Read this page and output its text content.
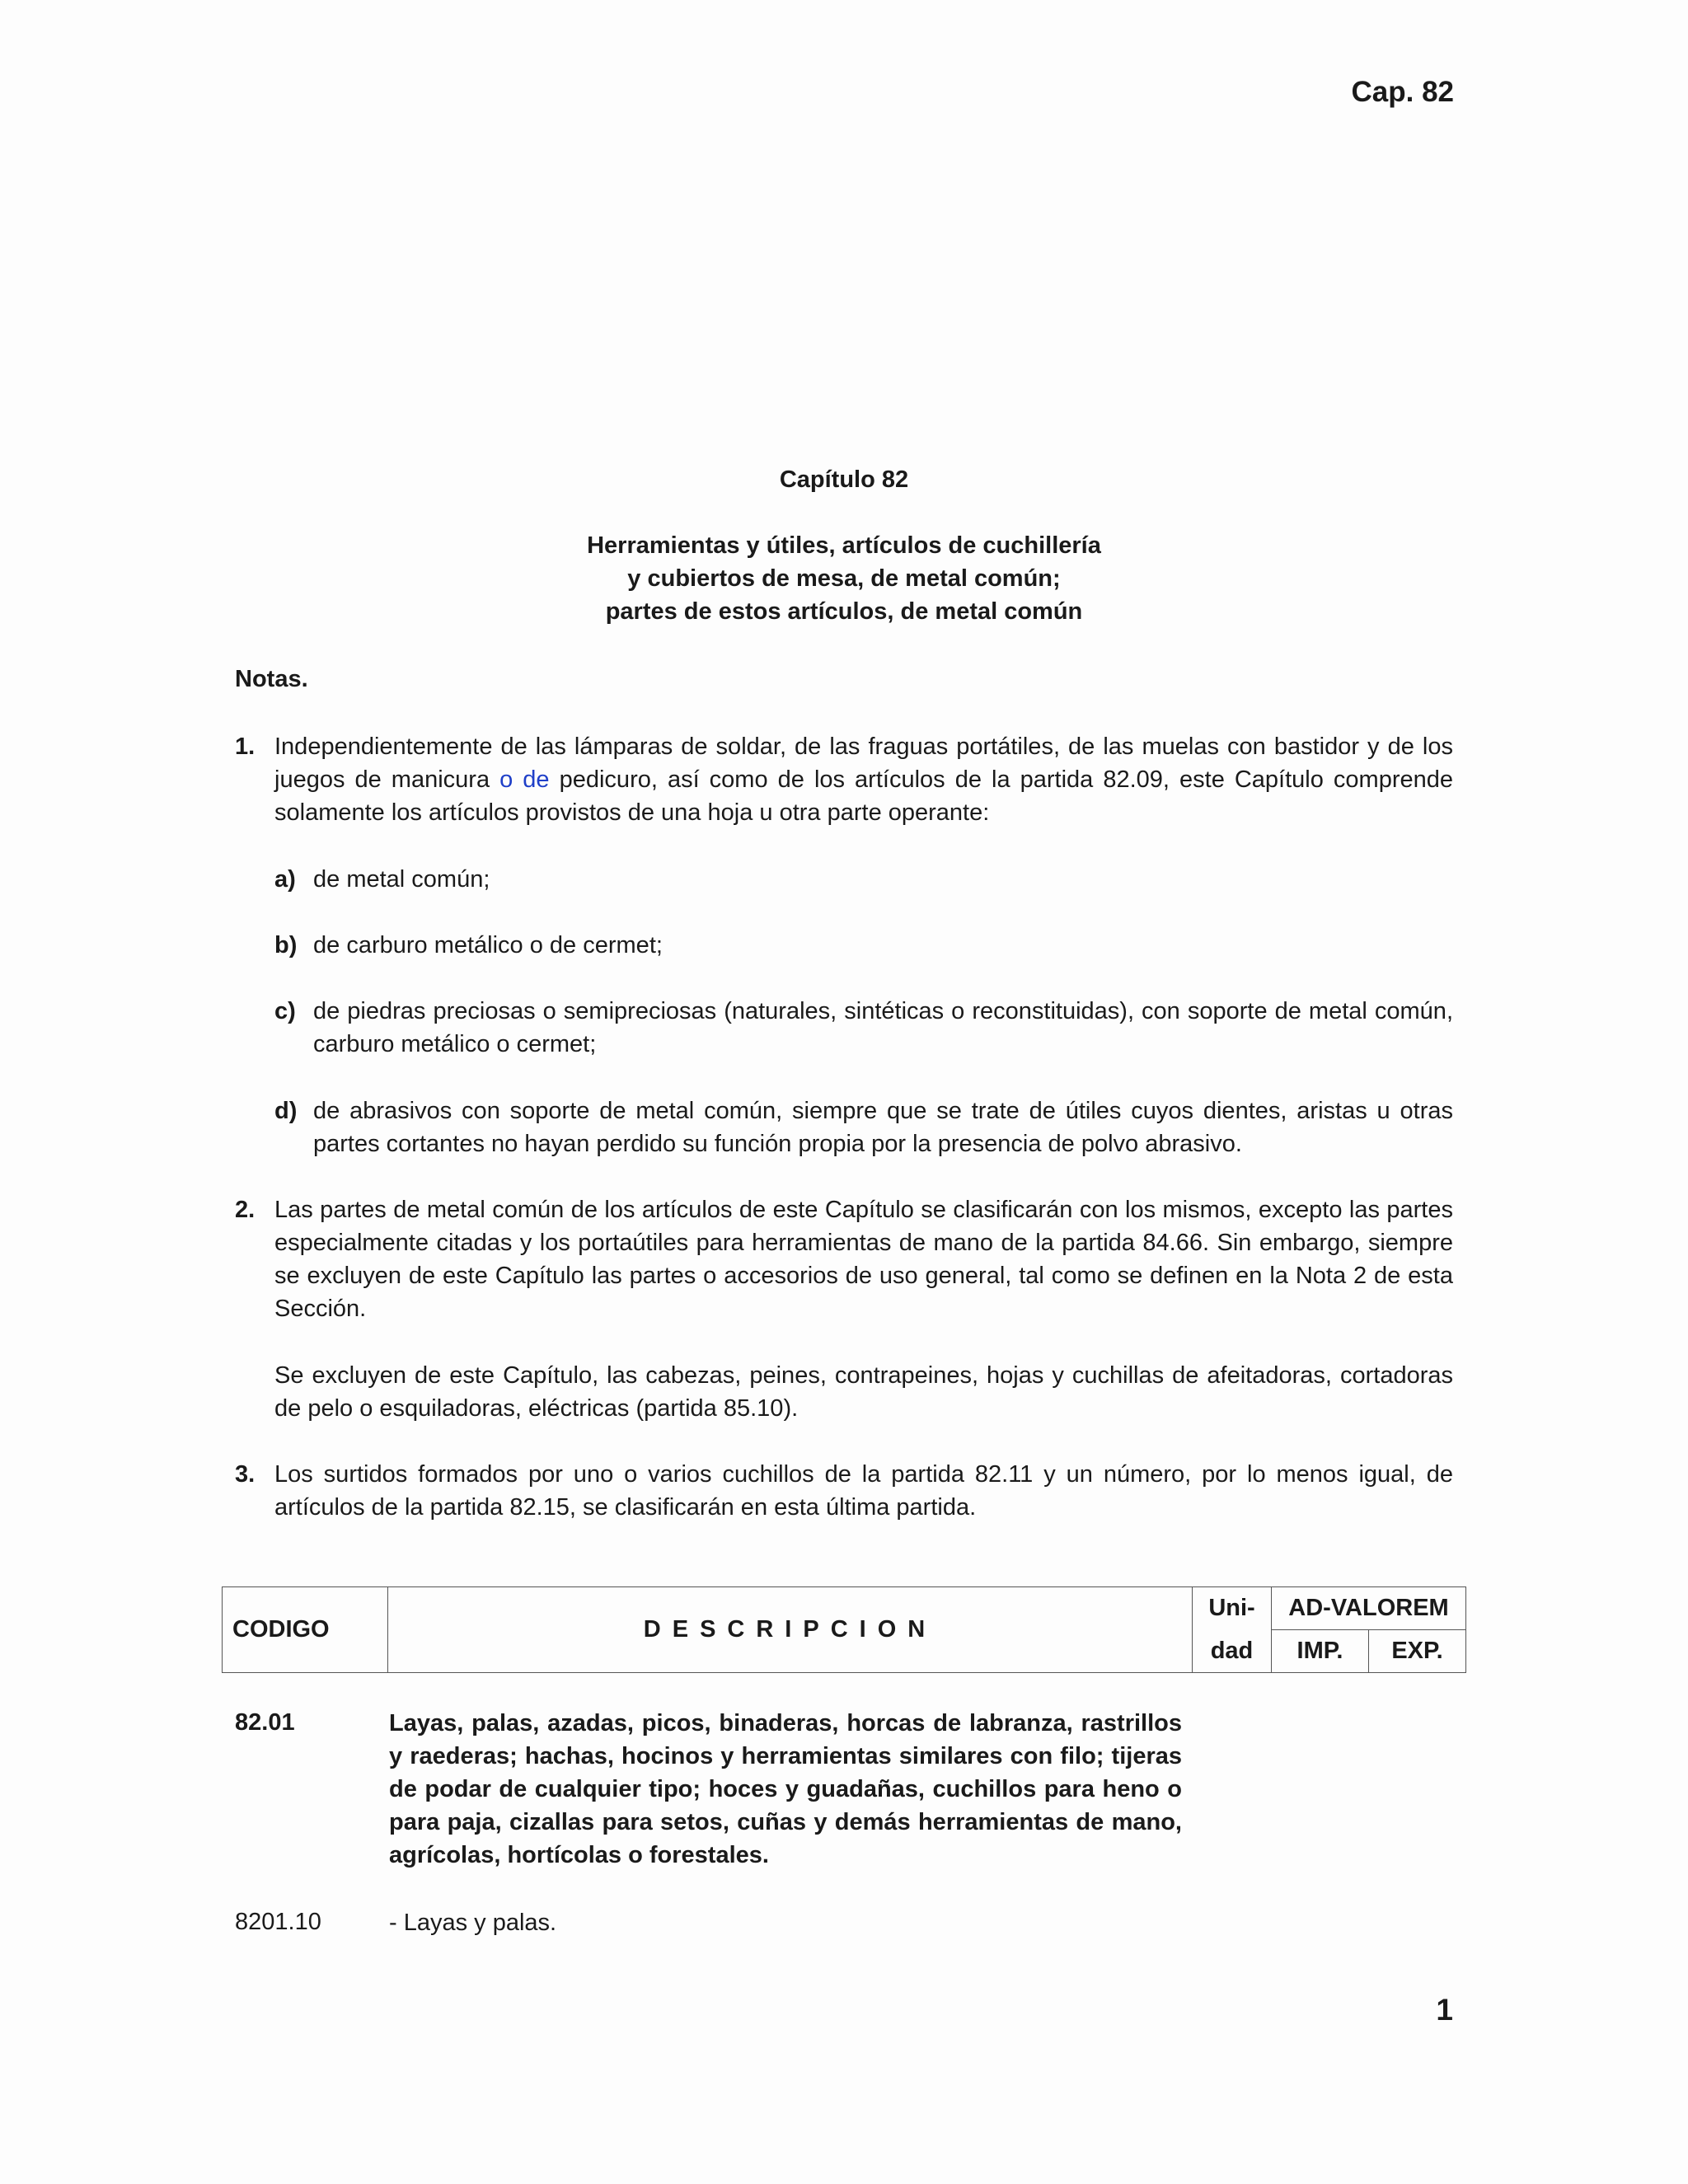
Cap. 82
Capítulo 82
Herramientas y útiles, artículos de cuchillería
y cubiertos de mesa, de metal común;
partes de estos artículos, de metal común
Notas.
1. Independientemente de las lámparas de soldar, de las fraguas portátiles, de las muelas con bastidor y de los juegos de manicura o de pedicuro, así como de los artículos de la partida 82.09, este Capítulo comprende solamente los artículos provistos de una hoja u otra parte operante:
a) de metal común;
b) de carburo metálico o de cermet;
c) de piedras preciosas o semipreciosas (naturales, sintéticas o reconstituidas), con soporte de metal común, carburo metálico o cermet;
d) de abrasivos con soporte de metal común, siempre que se trate de útiles cuyos dientes, aristas u otras partes cortantes no hayan perdido su función propia por la presencia de polvo abrasivo.
2. Las partes de metal común de los artículos de este Capítulo se clasificarán con los mismos, excepto las partes especialmente citadas y los portaútiles para herramientas de mano de la partida 84.66. Sin embargo, siempre se excluyen de este Capítulo las partes o accesorios de uso general, tal como se definen en la Nota 2 de esta Sección.
Se excluyen de este Capítulo, las cabezas, peines, contrapeines, hojas y cuchillas de afeitadoras, cortadoras de pelo o esquiladoras, eléctricas (partida 85.10).
3. Los surtidos formados por uno o varios cuchillos de la partida 82.11 y un número, por lo menos igual, de artículos de la partida 82.15, se clasificarán en esta última partida.
CODIGO	DESCRIPCION	Uni-	AD-VALOREM	
		dad	IMP.	EXP.
82.01	Layas, palas, azadas, picos, binaderas, horcas de labranza, rastrillos y raederas; hachas, hocinos y herramientas similares con filo; tijeras de podar de cualquier tipo; hoces y guadañas, cuchillos para heno o para paja, cizallas para setos, cuñas y demás herramientas de mano, agrícolas, hortícolas o forestales.
8201.10	- Layas y palas.
1
